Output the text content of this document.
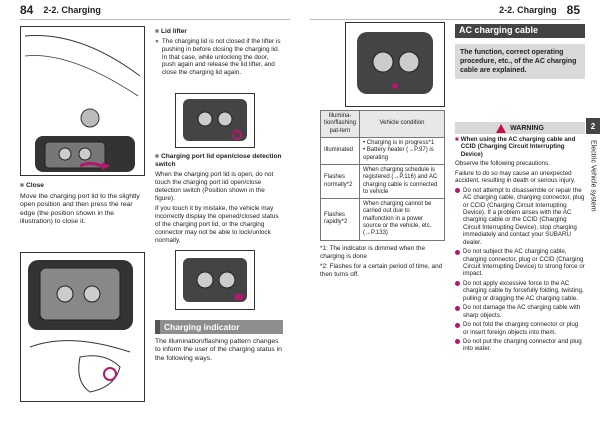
84 2-2. Charging	2-2. Charging 85
■ Close
Move the charging port lid to the slightly open position and then press the rear edge (the position shown in the illustration) to close it.
■ Lid lifter
● The charging lid is not closed if the lifter is pushing in before closing the charging lid. In that case, while unlocking the door, push again and release the lid lifter, and close the charging lid again.
■ Charging port lid open/close detection switch
When the charging port lid is open, do not touch the charging port lid open/close detection switch (Position shown in the figure).
If you touch it by mistake, the vehicle may incorrectly display the opened/closed status of the charging port lid, or the charging connector may not be able to lock/unlock normally.
Charging indicator
The illumination/flashing pattern changes to inform the user of the charging status in the following ways.
Illumina-tion/flashing pat-tern	Vehicle condition
Illuminated	• Charging is in progress*1
• Battery heater (→P.97) is operating

Flashes normally*2	When charging schedule is registered (→P.116) and AC charging cable is connected to vehicle
Flashes rapidly*2	When charging cannot be carried out due to malfunction in a power source or the vehicle, etc. (→P.133)
*1: The indicator is dimmed when the charging is done
*2: Flashes for a certain period of time, and then turns off.
AC charging cable
The function, correct operating procedure, etc., of the AC charging cable are explained.
WARNING
■ When using the AC charging cable and CCID (Charging Circuit Interrupting Device)
Observe the following precautions.
Failure to do so may cause an unexpected accident, resulting in death or serious injury.
Do not attempt to disassemble or repair the AC charging cable, charging connector, plug or CCID (Charging Circuit Interrupting Device). If a problem arises with the AC charging cable or the CCID (Charging Circuit Interrupting Device), stop charging immediately and contact your SUBARU dealer.
Do not subject the AC charging cable, charging connector, plug or CCID (Charging Circuit Interrupting Device) to strong force or impact.
Do not apply excessive force to the AC charging cable by forcefully folding, twisting, pulling or dragging the AC charging cable.
Do not damage the AC charging cable with sharp objects.
Do not fold the charging connector or plug or insert foreign objects into them.
Do not put the charging connector and plug into water.
2
Electric Vehicle system
